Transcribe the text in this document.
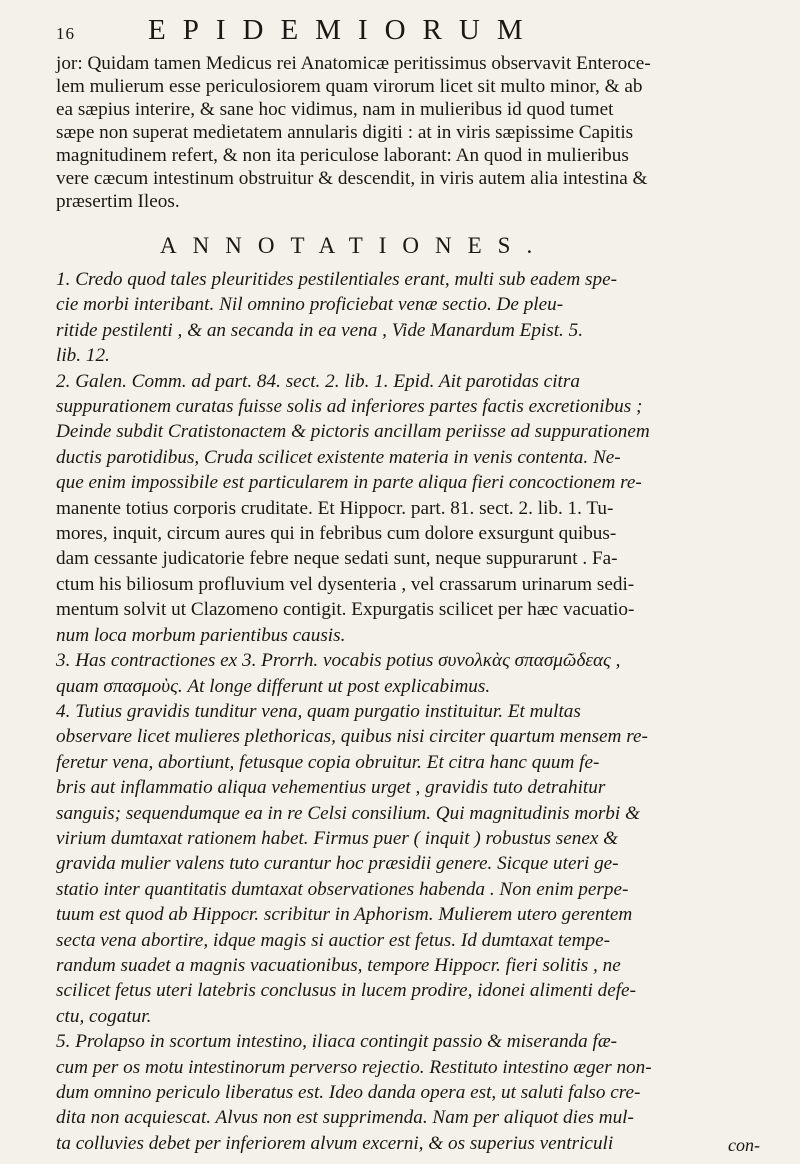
16	EPIDEMIORUM
jor: Quidam tamen Medicus rei Anatomicæ peritissimus observavit Enteroce-
lem mulierum esse periculosiorem quam virorum licet sit multo minor, & ab
ea sæpius interire, & sane hoc vidimus, nam in mulieribus id quod tumet
sæpe non superat medietatem annularis digiti : at in viris sæpissime Capitis
magnitudinem refert, & non ita periculose laborant: An quod in mulieribus
vere cæcum intestinum obstruitur & descendit, in viris autem alia intestina &
præsertim Ileos.
ANNOTATIONES.
1. Credo quod tales pleuritides pestilentiales erant, multi sub eadem spe-
cie morbi interibant. Nil omnino proficiebat venæ sectio. De pleu-
ritide pestilenti , & an secanda in ea vena , Vide Manardum Epist. 5.
lib. 12.
2. Galen. Comm. ad part. 84. sect. 2. lib. 1. Epid. Ait parotidas citra
suppurationem curatas fuisse solis ad inferiores partes factis excretionibus ;
Deinde subdit Cratistonactem & pictoris ancillam periisse ad suppurationem
ductis parotidibus, Cruda scilicet existente materia in venis contenta. Ne-
que enim impossibile est particularem in parte aliqua fieri concoctionem re-
manente totius corporis cruditate. Et Hippocr. part. 81. sect. 2. lib. 1. Tu-
mores, inquit, circum aures qui in febribus cum dolore exsurgunt quibus-
dam cessante judicatorie febre neque sedati sunt, neque suppurarunt . Fa-
ctum his biliosum profluvium vel dysenteria , vel crassarum urinarum sedi-
mentum solvit ut Clazomeno contigit. Expurgatis scilicet per hæc vacuatio-
num loca morbum parientibus causis.
3. Has contractiones ex 3. Prorrh. vocabis potius συνολκὰς σπασμῶδεας ,
quam σπασμοὺς. At longe differunt ut post explicabimus.
4. Tutius gravidis tunditur vena, quam purgatio instituitur. Et multas
observare licet mulieres plethoricas, quibus nisi circiter quartum mensem re-
feretur vena, abortiunt, fetusque copia obruitur. Et citra hanc quum fe-
bris aut inflammatio aliqua vehementius urget , gravidis tuto detrahitur
sanguis; sequendumque ea in re Celsi consilium. Qui magnitudinis morbi &
virium dumtaxat rationem habet. Firmus puer ( inquit ) robustus senex &
gravida mulier valens tuto curantur hoc præsidii genere. Sicque uteri ge-
statio inter quantitatis dumtaxat observationes habenda . Non enim perpe-
tuum est quod ab Hippocr. scribitur in Aphorism. Mulierem utero gerentem
secta vena abortire, idque magis si auctior est fetus. Id dumtaxat tempe-
randum suadet a magnis vacuationibus, tempore Hippocr. fieri solitis , ne
scilicet fetus uteri latebris conclusus in lucem prodire, idonei alimenti defe-
ctu, cogatur.
5. Prolapso in scortum intestino, iliaca contingit passio & miseranda fæ-
cum per os motu intestinorum perverso rejectio. Restituto intestino æger non-
dum omnino periculo liberatus est. Ideo danda opera est, ut saluti falso cre-
dita non acquiescat. Alvus non est supprimenda. Nam per aliquot dies mul-
ta colluvies debet per inferiorem alvum excerni, & os superius ventriculi	con-
